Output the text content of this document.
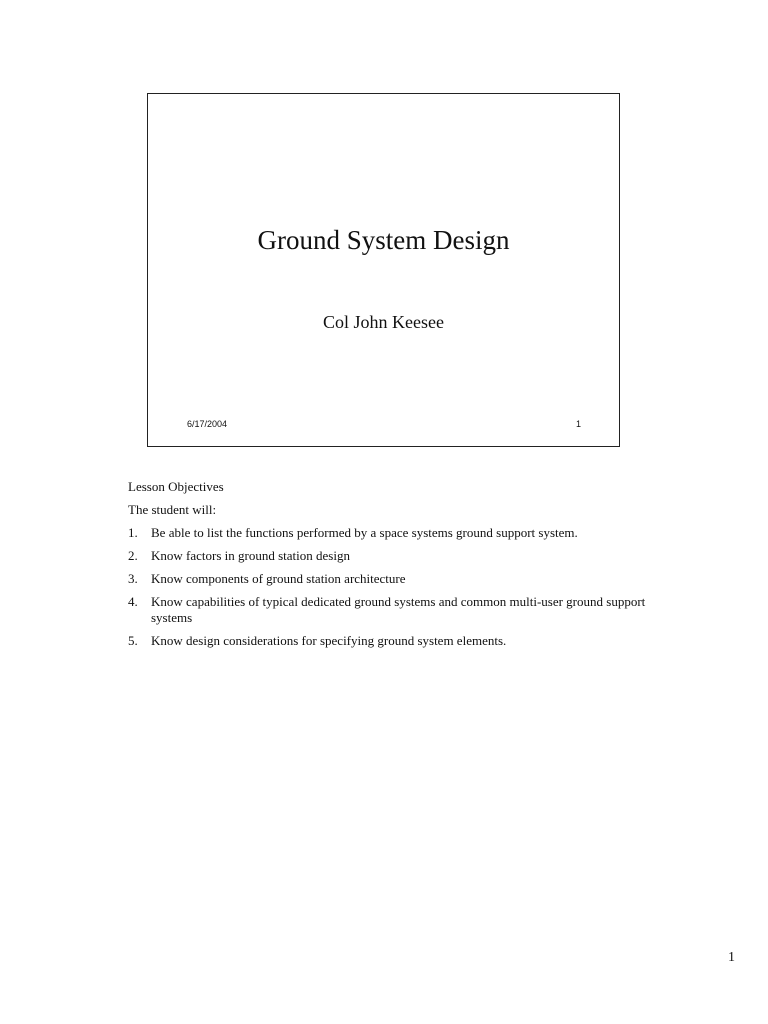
Ground System Design
Col John Keesee
6/17/2004	1

Lesson Objectives

The student will:

1. Be able to list the functions performed by a space systems ground support system.
2. Know factors in ground station design
3. Know components of ground station architecture
4. Know capabilities of typical dedicated ground systems and common multi-user ground support systems
5. Know design considerations for specifying ground system elements.
1
